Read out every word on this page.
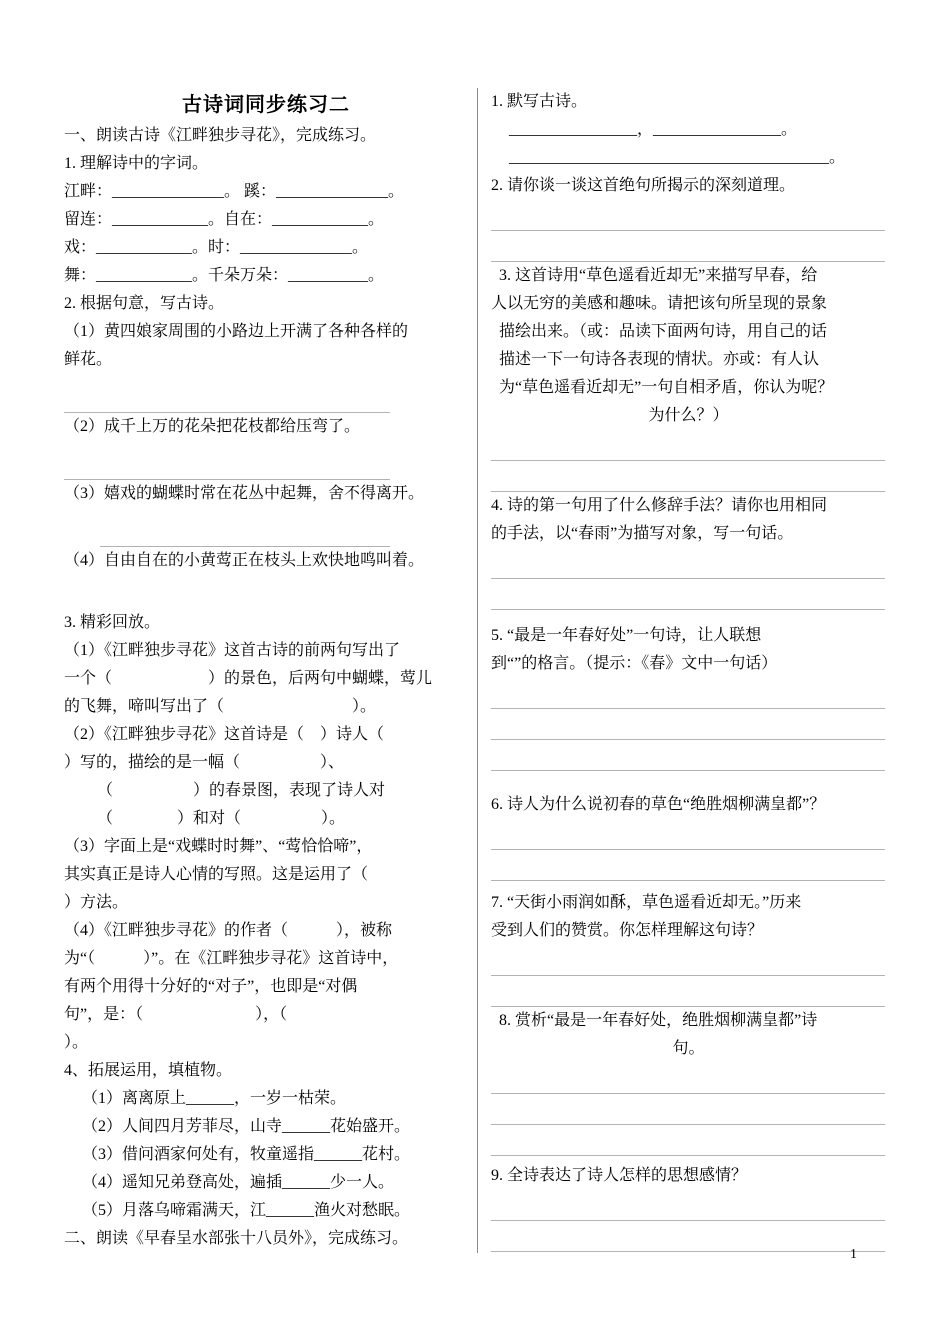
古诗词同步练习二

一、朗读古诗《江畔独步寻花》，完成练习。

1. 理解诗中的字词。

江畔：______________。 蹊：______________。

留连：____________。自在：____________。

戏：____________。时：______________。

舞：____________。千朵万朵：__________。

2. 根据句意，写古诗。

（1）黄四娘家周围的小路边上开满了各种各样的

鲜花。

（2）成千上万的花朵把花枝都给压弯了。

（3）嬉戏的蝴蝶时常在花丛中起舞，舍不得离开。

（4）自由自在的小黄莺正在枝头上欢快地鸣叫着。

3. 精彩回放。

（1）《江畔独步寻花》这首古诗的前两句写出了

一个（　　　　　　）的景色，后两句中蝴蝶，莺儿

的飞舞，啼叫写出了（　　　　　　　　）。

（2）《江畔独步寻花》这首诗是（　）诗人（

）写的，描绘的是一幅（　　　　　）、

（　　　　　）的春景图，表现了诗人对

（　　　　）和对（　　　　　）。

（3）字面上是“戏蝶时时舞”、“莺恰恰啼”，

其实真正是诗人心情的写照。这是运用了（

）方法。

（4）《江畔独步寻花》的作者（　　　），被称

为“（　　　）”。在《江畔独步寻花》这首诗中，

有两个用得十分好的“对子”，也即是“对偶

句”，是：（　　　　　　　），（

）。

4、拓展运用，填植物。

（1）离离原上______，一岁一枯荣。

（2）人间四月芳菲尽，山寺______花始盛开。

（3）借问酒家何处有，牧童遥指______花村。

（4）遥知兄弟登高处，遍插______少一人。

（5）月落乌啼霜满天，江______渔火对愁眠。

二、朗读《早春呈水部张十八员外》，完成练习。

1. 默写古诗。

________________，________________。

________________________________________。

2. 请你谈一谈这首绝句所揭示的深刻道理。

3. 这首诗用“草色遥看近却无”来描写早春，给

人以无穷的美感和趣味。请把该句所呈现的景象

描绘出来。（或：品读下面两句诗，用自己的话

描述一下一句诗各表现的情状。亦或：有人认

为“草色遥看近却无”一句自相矛盾，你认为呢？

为什么？）

4. 诗的第一句用了什么修辞手法？请你也用相同

的手法，以“春雨”为描写对象，写一句话。

5. “最是一年春好处”一句诗，让人联想

到“”的格言。（提示：《春》文中一句话）

6. 诗人为什么说初春的草色“绝胜烟柳满皇都”？

7. “天街小雨润如酥，草色遥看近却无。”历来

受到人们的赞赏。你怎样理解这句诗？

8. 赏析“最是一年春好处，绝胜烟柳满皇都”诗

句。

9. 全诗表达了诗人怎样的思想感情？

1
